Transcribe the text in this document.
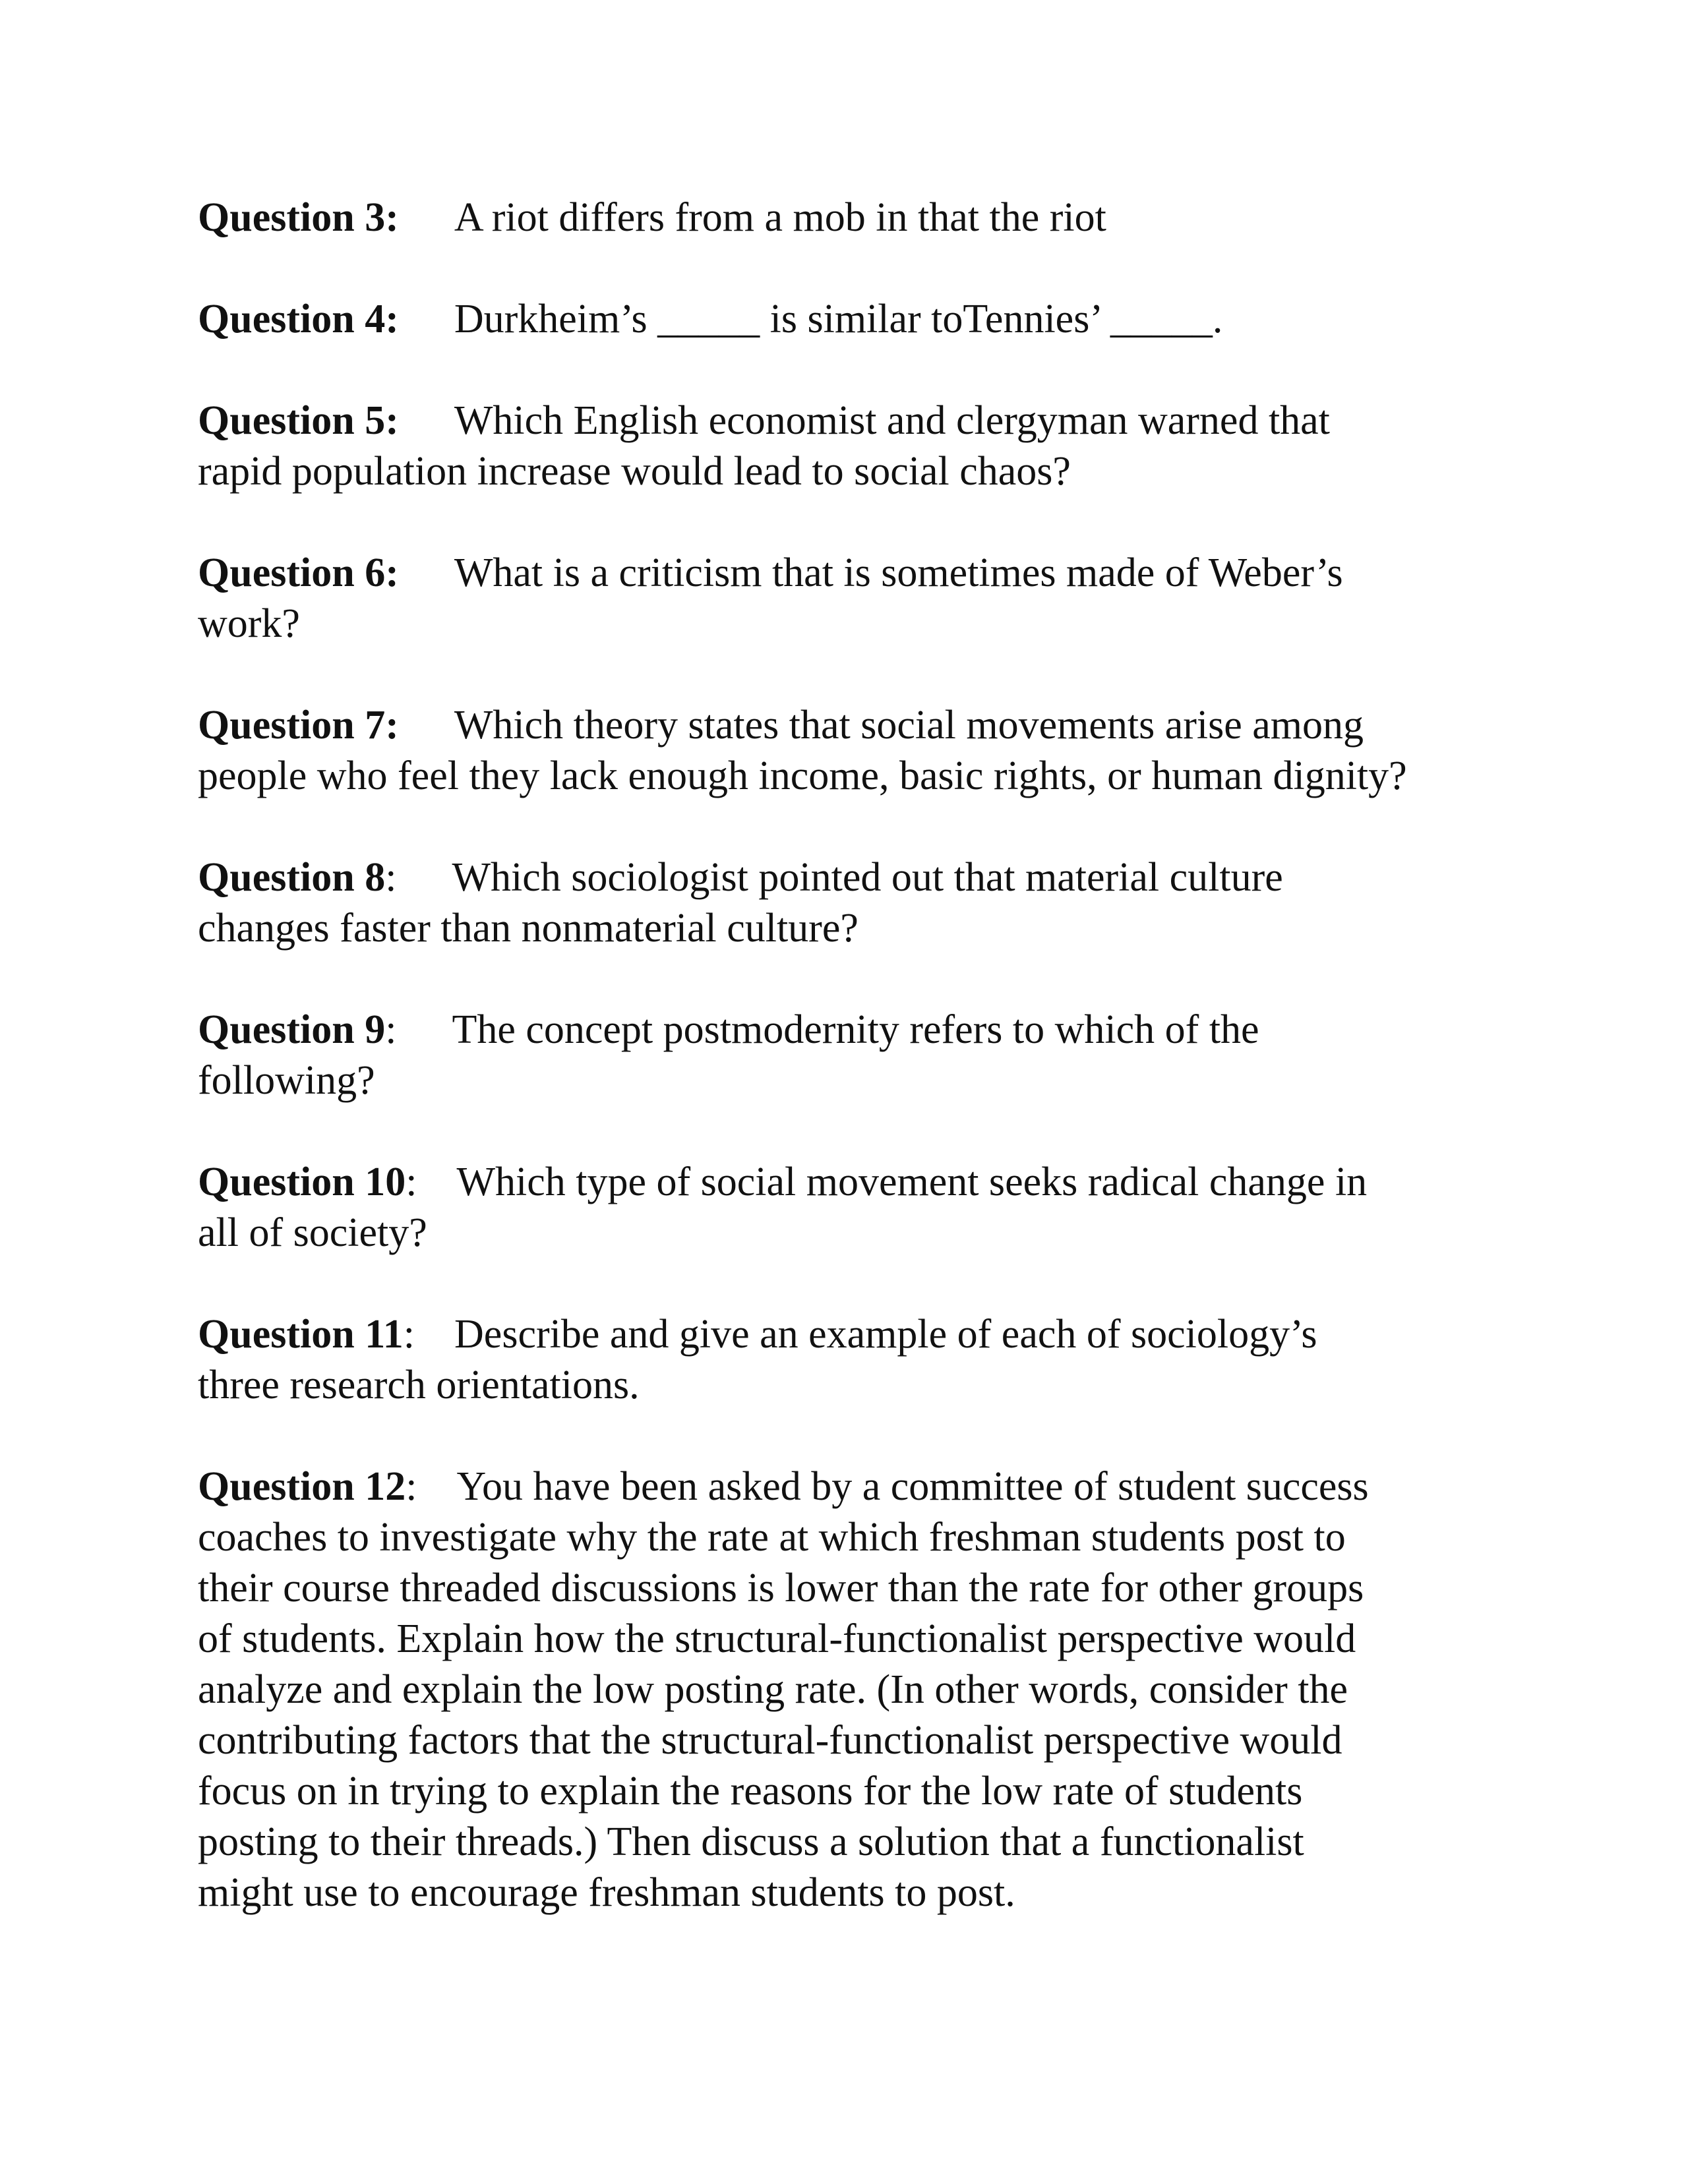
Question 3: A riot differs from a mob in that the riot
Question 4: Durkheim’s _____ is similar toTennies’ _____.
Question 5: Which English economist and clergyman warned that
rapid population increase would lead to social chaos?
Question 6: What is a criticism that is sometimes made of Weber’s
work?
Question 7: Which theory states that social movements arise among
people who feel they lack enough income, basic rights, or human dignity?
Question 8: Which sociologist pointed out that material culture
changes faster than nonmaterial culture?
Question 9: The concept postmodernity refers to which of the
following?
Question 10: Which type of social movement seeks radical change in
all of society?
Question 11: Describe and give an example of each of sociology’s
three research orientations.
Question 12: You have been asked by a committee of student success
coaches to investigate why the rate at which freshman students post to
their course threaded discussions is lower than the rate for other groups
of students. Explain how the structural-functionalist perspective would
analyze and explain the low posting rate. (In other words, consider the
contributing factors that the structural-functionalist perspective would
focus on in trying to explain the reasons for the low rate of students
posting to their threads.) Then discuss a solution that a functionalist
might use to encourage freshman students to post.
